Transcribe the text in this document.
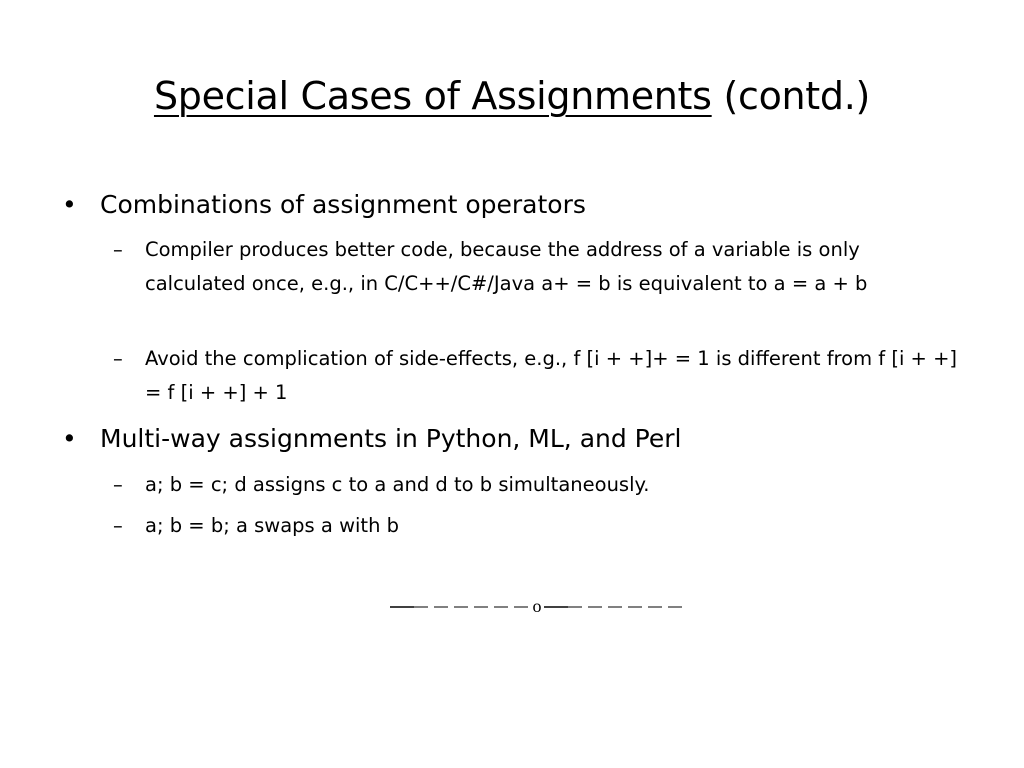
Special Cases of Assignments (contd.)
• Combinations of assignment operators
– Compiler produces better code, because the address of a variable is only calculated once, e.g., in C/C++/C#/Java a+ = b is equivalent to a = a + b
– Avoid the complication of side-effects, e.g., f [i + +]+ = 1 is different from f [i + +] = f [i + +] + 1
• Multi-way assignments in Python, ML, and Perl
– a; b = c; d assigns c to a and d to b simultaneously.
– a; b = b; a swaps a with b
o
